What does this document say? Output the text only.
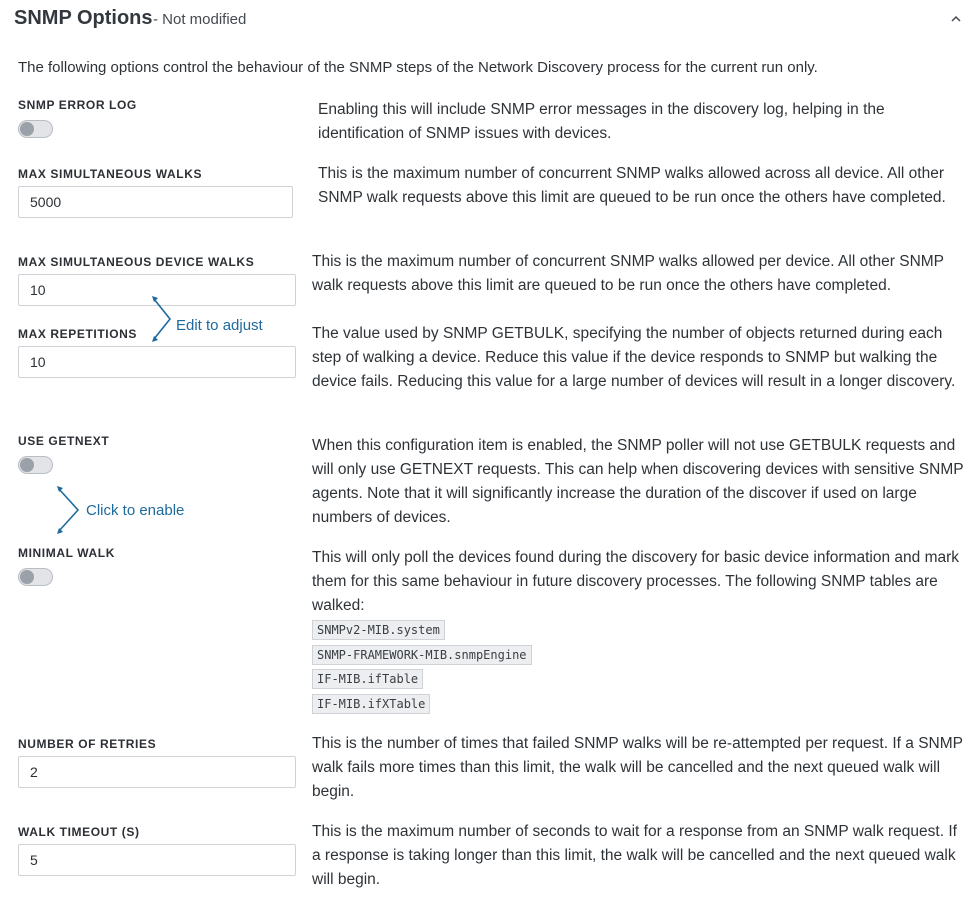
SNMP Options - Not modified
The following options control the behaviour of the SNMP steps of the Network Discovery process for the current run only.
SNMP ERROR LOG	Enabling this will include SNMP error messages in the discovery log, helping in the identification of SNMP issues with devices.
MAX SIMULTANEOUS WALKS
5000	This is the maximum number of concurrent SNMP walks allowed across all device. All other SNMP walk requests above this limit are queued to be run once the others have completed.
MAX SIMULTANEOUS DEVICE WALKS
10	This is the maximum number of concurrent SNMP walks allowed per device. All other SNMP walk requests above this limit are queued to be run once the others have completed.
Edit to adjust
MAX REPETITIONS
10	The value used by SNMP GETBULK, specifying the number of objects returned during each step of walking a device. Reduce this value if the device responds to SNMP but walking the device fails. Reducing this value for a large number of devices will result in a longer discovery.
USE GETNEXT	When this configuration item is enabled, the SNMP poller will not use GETBULK requests and will only use GETNEXT requests. This can help when discovering devices with sensitive SNMP agents. Note that it will significantly increase the duration of the discover if used on large numbers of devices.
Click to enable
MINIMAL WALK	This will only poll the devices found during the discovery for basic device information and mark them for this same behaviour in future discovery processes. The following SNMP tables are walked:
SNMPv2-MIB.system
SNMP-FRAMEWORK-MIB.snmpEngine
IF-MIB.ifTable
IF-MIB.ifXTable
NUMBER OF RETRIES
2	This is the number of times that failed SNMP walks will be re-attempted per request. If a SNMP walk fails more times than this limit, the walk will be cancelled and the next queued walk will begin.
WALK TIMEOUT (S)
5	This is the maximum number of seconds to wait for a response from an SNMP walk request. If a response is taking longer than this limit, the walk will be cancelled and the next queued walk will begin.
